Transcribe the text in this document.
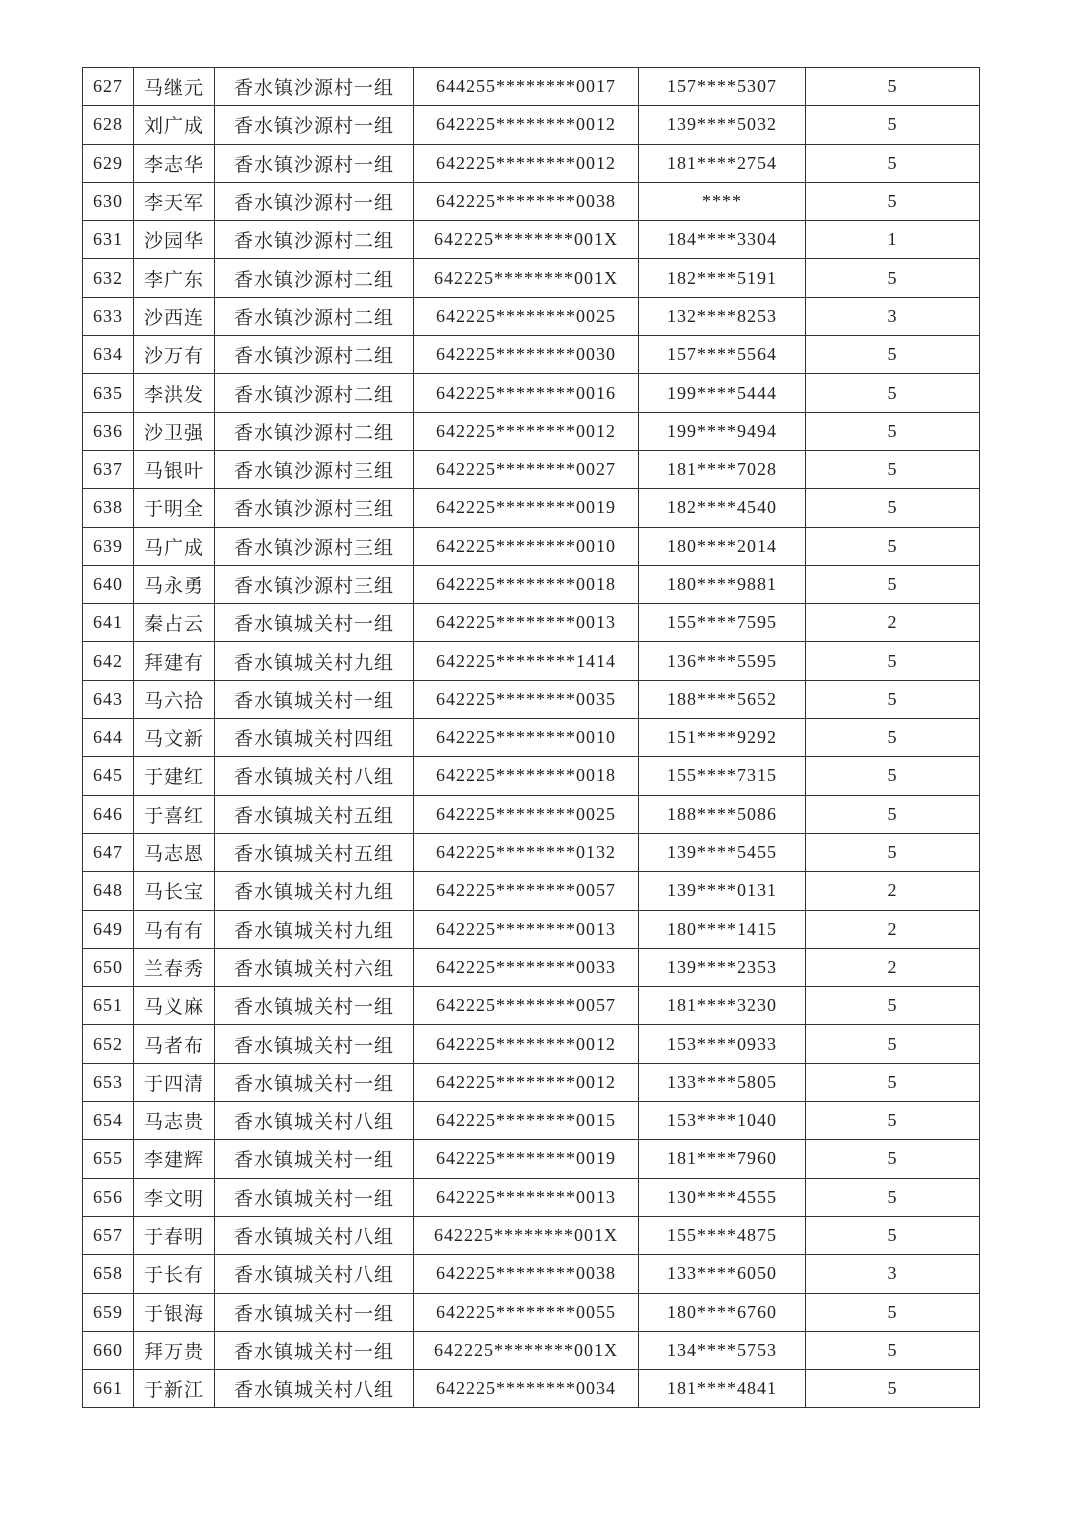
627	马继元	香水镇沙源村一组	644255********0017	157****5307	5
628	刘广成	香水镇沙源村一组	642225********0012	139****5032	5
629	李志华	香水镇沙源村一组	642225********0012	181****2754	5
630	李天军	香水镇沙源村一组	642225********0038	****	5
631	沙园华	香水镇沙源村二组	642225********001X	184****3304	1
632	李广东	香水镇沙源村二组	642225********001X	182****5191	5
633	沙西连	香水镇沙源村二组	642225********0025	132****8253	3
634	沙万有	香水镇沙源村二组	642225********0030	157****5564	5
635	李洪发	香水镇沙源村二组	642225********0016	199****5444	5
636	沙卫强	香水镇沙源村二组	642225********0012	199****9494	5
637	马银叶	香水镇沙源村三组	642225********0027	181****7028	5
638	于明全	香水镇沙源村三组	642225********0019	182****4540	5
639	马广成	香水镇沙源村三组	642225********0010	180****2014	5
640	马永勇	香水镇沙源村三组	642225********0018	180****9881	5
641	秦占云	香水镇城关村一组	642225********0013	155****7595	2
642	拜建有	香水镇城关村九组	642225********1414	136****5595	5
643	马六拾	香水镇城关村一组	642225********0035	188****5652	5
644	马文新	香水镇城关村四组	642225********0010	151****9292	5
645	于建红	香水镇城关村八组	642225********0018	155****7315	5
646	于喜红	香水镇城关村五组	642225********0025	188****5086	5
647	马志恩	香水镇城关村五组	642225********0132	139****5455	5
648	马长宝	香水镇城关村九组	642225********0057	139****0131	2
649	马有有	香水镇城关村九组	642225********0013	180****1415	2
650	兰春秀	香水镇城关村六组	642225********0033	139****2353	2
651	马义麻	香水镇城关村一组	642225********0057	181****3230	5
652	马者布	香水镇城关村一组	642225********0012	153****0933	5
653	于四清	香水镇城关村一组	642225********0012	133****5805	5
654	马志贵	香水镇城关村八组	642225********0015	153****1040	5
655	李建辉	香水镇城关村一组	642225********0019	181****7960	5
656	李文明	香水镇城关村一组	642225********0013	130****4555	5
657	于春明	香水镇城关村八组	642225********001X	155****4875	5
658	于长有	香水镇城关村八组	642225********0038	133****6050	3
659	于银海	香水镇城关村一组	642225********0055	180****6760	5
660	拜万贵	香水镇城关村一组	642225********001X	134****5753	5
661	于新江	香水镇城关村八组	642225********0034	181****4841	5
